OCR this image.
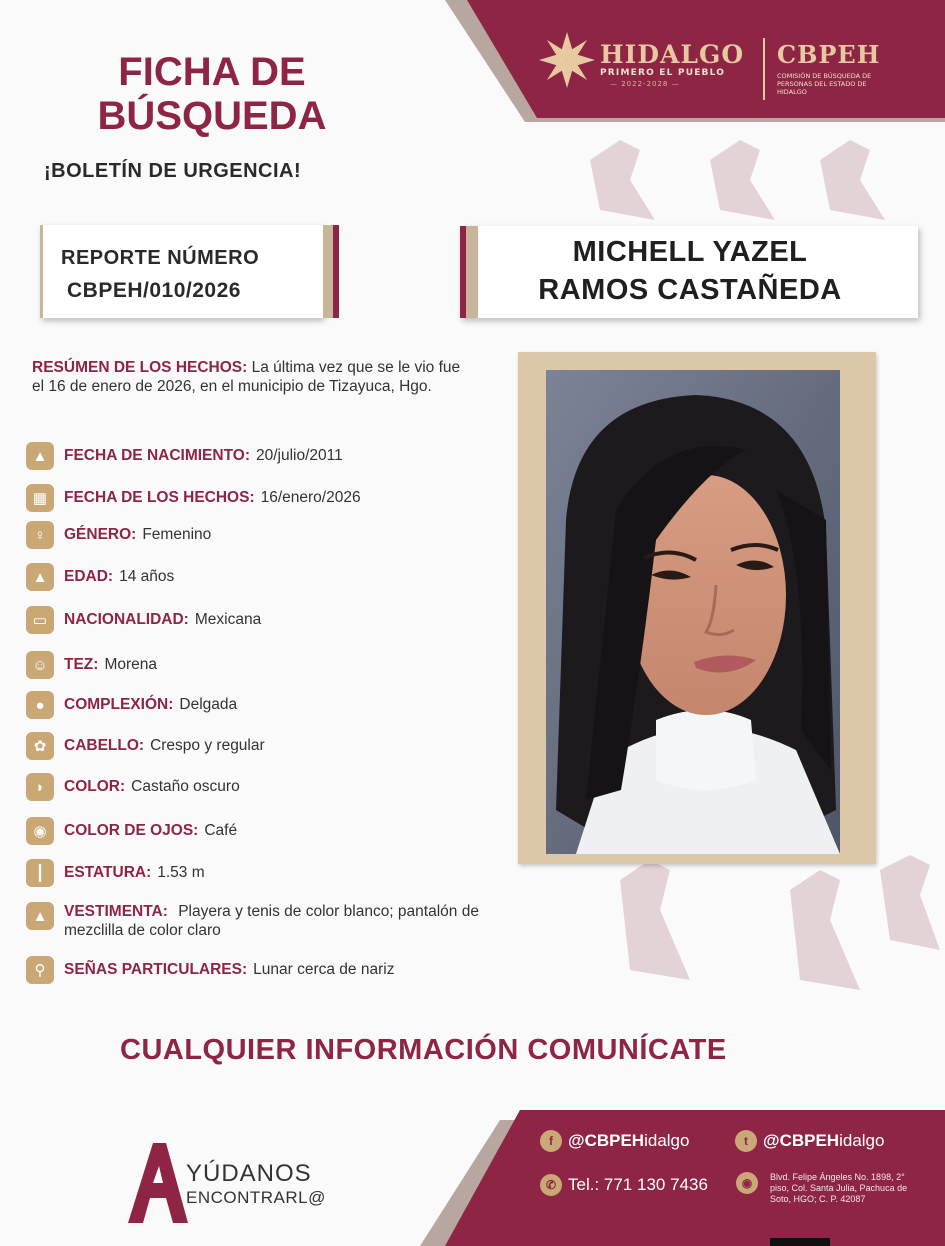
HIDALGO
PRIMERO EL PUEBLO
— 2022-2028 —
CBPEH
COMISIÓN DE BÚSQUEDA DE PERSONAS DEL ESTADO DE HIDALGO
FICHA DE
BÚSQUEDA
¡BOLETÍN DE URGENCIA!
REPORTE NÚMERO
CBPEH/010/2026
MICHELL YAZEL
RAMOS CASTAÑEDA
RESÚMEN DE LOS HECHOS: La última vez que se le vio fue el 16 de enero de 2026, en el municipio de Tizayuca, Hgo.
▲	FECHA DE NACIMIENTO: 20/julio/2011
▦	FECHA DE LOS HECHOS: 16/enero/2026
♀	GÉNERO: Femenino
▲	EDAD: 14 años
▭	NACIONALIDAD: Mexicana
☺	TEZ: Morena
●	COMPLEXIÓN: Delgada
✿	CABELLO: Crespo y regular
◗	COLOR: Castaño oscuro
◉	COLOR DE OJOS: Café
┃	ESTATURA: 1.53 m
▲	VESTIMENTA: Playera y tenis de color blanco; pantalón de mezclilla de color claro
⚲	SEÑAS PARTICULARES: Lunar cerca de nariz
CUALQUIER INFORMACIÓN COMUNÍCATE
A
YÚDANOS
ENCONTRARL@
f @CBPEHidalgo	t @CBPEHidalgo
✆ Tel.: 771 130 7436	◉	Blvd. Felipe Ángeles No. 1898, 2° piso, Col. Santa Julia, Pachuca de Soto, HGO; C. P. 42087
